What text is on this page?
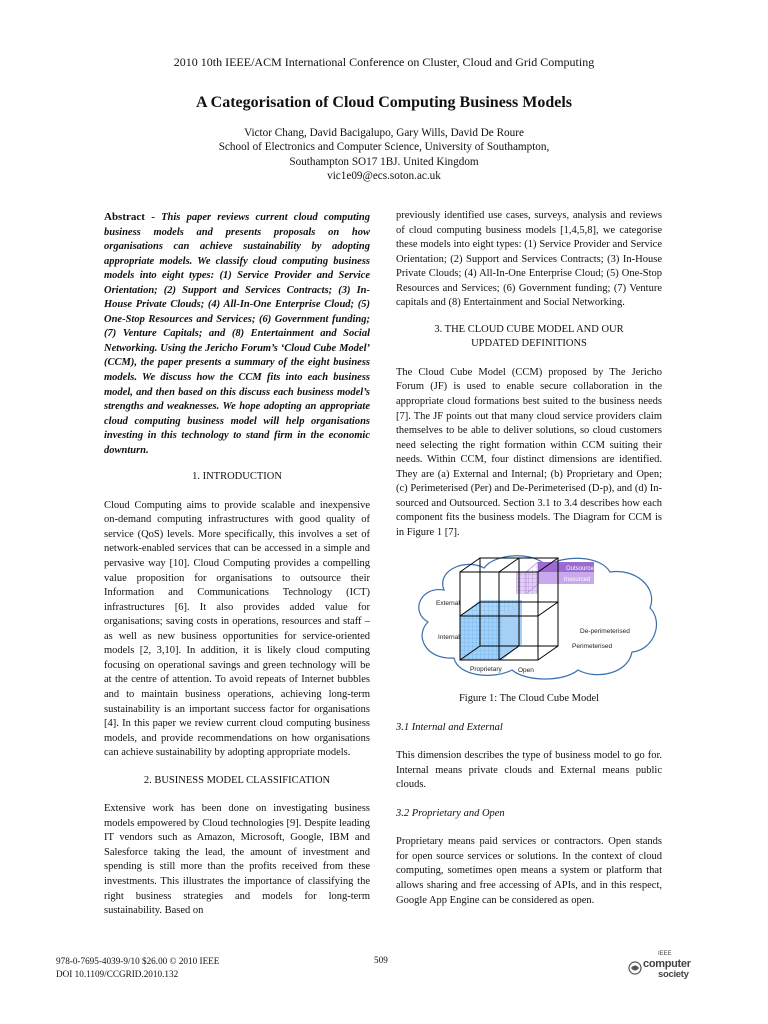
2010 10th IEEE/ACM International Conference on Cluster, Cloud and Grid Computing
A Categorisation of Cloud Computing Business Models
Victor Chang, David Bacigalupo, Gary Wills, David De Roure
School of Electronics and Computer Science, University of Southampton,
Southampton SO17 1BJ. United Kingdom
vic1e09@ecs.soton.ac.uk

Abstract - This paper reviews current cloud computing business models and presents proposals on how organisations can achieve sustainability by adopting appropriate models. We classify cloud computing business models into eight types: (1) Service Provider and Service Orientation; (2) Support and Services Contracts; (3) In-House Private Clouds; (4) All-In-One Enterprise Cloud; (5) One-Stop Resources and Services; (6) Government funding; (7) Venture Capitals; and (8) Entertainment and Social Networking. Using the Jericho Forum’s ‘Cloud Cube Model’ (CCM), the paper presents a summary of the eight business models. We discuss how the CCM fits into each business model, and then based on this discuss each business model’s strengths and weaknesses. We hope adopting an appropriate cloud computing business model will help organisations investing in this technology to stand firm in the economic downturn.

1. INTRODUCTION

Cloud Computing aims to provide scalable and inexpensive on-demand computing infrastructures with good quality of service (QoS) levels. More specifically, this involves a set of network-enabled services that can be accessed in a simple and pervasive way [10]. Cloud Computing provides a compelling value proposition for organisations to outsource their Information and Communications Technology (ICT) infrastructures [6]. It also provides added value for organisations; saving costs in operations, resources and staff – as well as new business opportunities for service-oriented models [2, 3,10]. In addition, it is likely cloud computing focusing on operational savings and green technology will be at the centre of attention. To avoid repeats of Internet bubbles and to maintain business operations, achieving long-term sustainability is an important success factor for organisations [4]. In this paper we review current cloud computing business models, and provide recommendations on how organisations can achieve sustainability by adopting appropriate models.

2. BUSINESS MODEL CLASSIFICATION

Extensive work has been done on investigating business models empowered by Cloud technologies [9]. Despite leading IT vendors such as Amazon, Microsoft, Google, IBM and Salesforce taking the lead, the amount of investment and spending is still more than the profits received from these investments. This illustrates the importance of classifying the right business strategies and models for long-term sustainability. Based on

previously identified use cases, surveys, analysis and reviews of cloud computing business models [1,4,5,8], we categorise these models into eight types: (1) Service Provider and Service Orientation; (2) Support and Services Contracts; (3) In-House Private Clouds; (4) All-In-One Enterprise Cloud; (5) One-Stop Resources and Services; (6) Government funding; (7) Venture capitals and (8) Entertainment and Social Networking.

3. THE CLOUD CUBE MODEL AND OUR
UPDATED DEFINITIONS

The Cloud Cube Model (CCM) proposed by The Jericho Forum (JF) is used to enable secure collaboration in the appropriate cloud formations best suited to the business needs [7]. The JF points out that many cloud service providers claim themselves to be able to deliver solutions, so cloud customers need selecting the right formation within CCM suiting their needs. Within CCM, four distinct dimensions are identified. They are (a) External and Internal; (b) Proprietary and Open; (c) Perimeterised (Per) and De-Perimeterised (D-p), and (d) In-sourced and Outsourced. Section 3.1 to 3.4 describes how each component fits the business models. The Diagram for CCM is in Figure 1 [7].

Outsourced
Insourced
External
Internal
De-perimeterised
Perimeterised
Proprietary Open
Figure 1: The Cloud Cube Model
3.1 Internal and External

This dimension describes the type of business model to go for. Internal means private clouds and External means public clouds.

3.2 Proprietary and Open

Proprietary means paid services or contractors. Open stands for open source services or solutions. In the context of cloud computing, sometimes open means a system or platform that allows sharing and free accessing of APIs, and in this respect, Google App Engine can be considered as open.

978-0-7695-4039-9/10 $26.00 © 2010 IEEE
DOI 10.1109/CCGRID.2010.132
509
IEEE
computer
society
